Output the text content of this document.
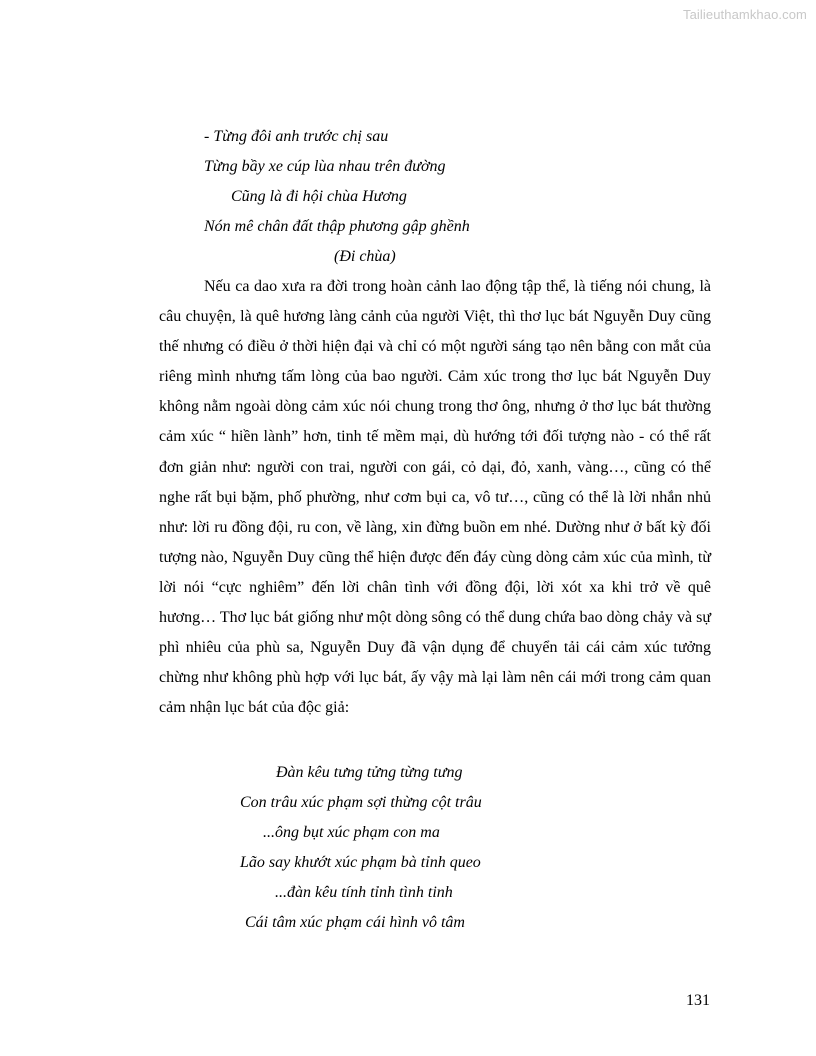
Tailieuthamkhao.com
- Từng đôi anh trước chị sau
Từng bầy xe cúp lùa nhau trên đường
Cũng là đi hội chùa Hương
Nón mê chân đất thập phương gập ghềnh
(Đi chùa)

Nếu ca dao xưa ra đời trong hoàn cảnh lao động tập thể, là tiếng nói chung, là câu chuyện, là quê hương làng cảnh của người Việt, thì thơ lục bát Nguyễn Duy cũng thế nhưng có điều ở thời hiện đại và chỉ có một người sáng tạo nên bằng con mắt của riêng mình nhưng tấm lòng của bao người. Cảm xúc trong thơ lục bát Nguyễn Duy không nằm ngoài dòng cảm xúc nói chung trong thơ ông, nhưng ở thơ lục bát thường cảm xúc “ hiền lành” hơn, tinh tế mềm mại, dù hướng tới đối tượng nào - có thể rất đơn giản như: người con trai, người con gái, cỏ dại, đỏ, xanh, vàng…, cũng có thể nghe rất bụi bặm, phố phường, như cơm bụi ca, vô tư…, cũng có thể là lời nhắn nhủ như: lời ru đồng đội, ru con, về làng, xin đừng buồn em nhé. Dường như ở bất kỳ đối tượng nào, Nguyễn Duy cũng thể hiện được đến đáy cùng dòng cảm xúc của mình, từ lời nói “cực nghiêm” đến lời chân tình với đồng đội, lời xót xa khi trở về quê hương… Thơ lục bát giống như một dòng sông có thể dung chứa bao dòng chảy và sự phì nhiêu của phù sa, Nguyễn Duy đã vận dụng để chuyển tải cái cảm xúc tưởng chừng như không phù hợp với lục bát, ấy vậy mà lại làm nên cái mới trong cảm quan cảm nhận lục bát của độc giả:

Đàn kêu tưng tửng từng tưng
Con trâu xúc phạm sợi thừng cột trâu
...ông bụt xúc phạm con ma
Lão say khướt xúc phạm bà tỉnh queo
...đàn kêu tính tỉnh tình tinh
Cái tâm xúc phạm cái hình vô tâm
131
